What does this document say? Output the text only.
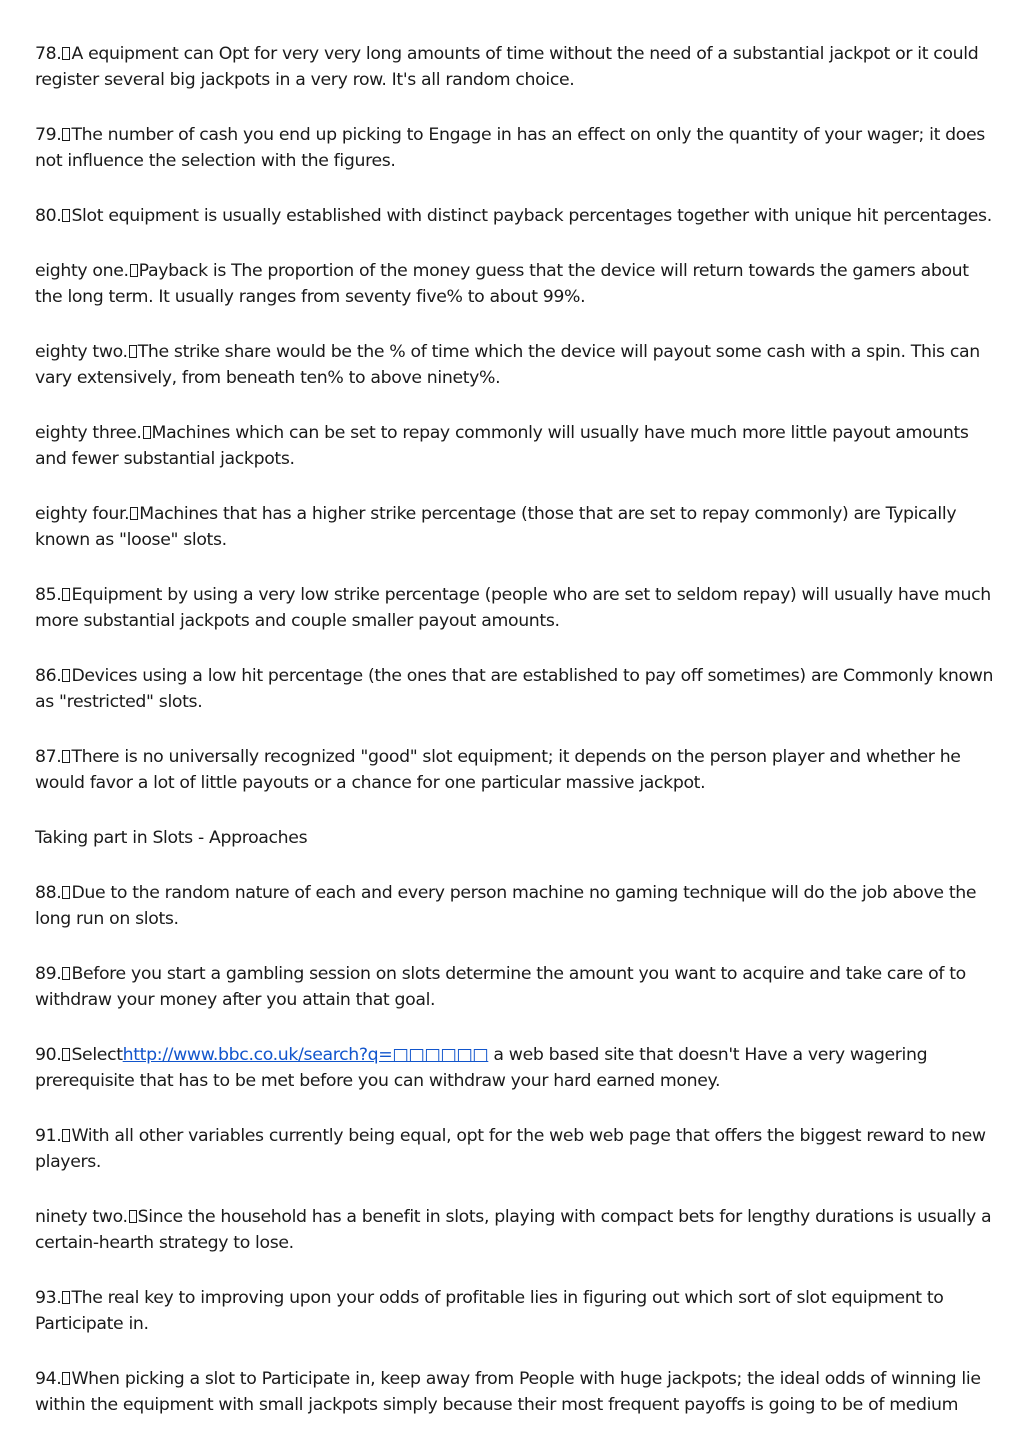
78. A equipment can Opt for very very long amounts of time without the need of a substantial jackpot or it could register several big jackpots in a very row. It's all random choice.

79. The number of cash you end up picking to Engage in has an effect on only the quantity of your wager; it does not influence the selection with the figures.

80. Slot equipment is usually established with distinct payback percentages together with unique hit percentages.

eighty one. Payback is The proportion of the money guess that the device will return towards the gamers about the long term. It usually ranges from seventy five% to about 99%.

eighty two. The strike share would be the % of time which the device will payout some cash with a spin. This can vary extensively, from beneath ten% to above ninety%.

eighty three. Machines which can be set to repay commonly will usually have much more little payout amounts and fewer substantial jackpots.

eighty four. Machines that has a higher strike percentage (those that are set to repay commonly) are Typically known as "loose" slots.

85. Equipment by using a very low strike percentage (people who are set to seldom repay) will usually have much more substantial jackpots and couple smaller payout amounts.

86. Devices using a low hit percentage (the ones that are established to pay off sometimes) are Commonly known as "restricted" slots.

87. There is no universally recognized "good" slot equipment; it depends on the person player and whether he would favor a lot of little payouts or a chance for one particular massive jackpot.

Taking part in Slots - Approaches

88. Due to the random nature of each and every person machine no gaming technique will do the job above the long run on slots.

89. Before you start a gambling session on slots determine the amount you want to acquire and take care of to withdraw your money after you attain that goal.

90. Selecthttp://www.bbc.co.uk/search?q=□□□□□□ a web based site that doesn't Have a very wagering prerequisite that has to be met before you can withdraw your hard earned money.

91. With all other variables currently being equal, opt for the web web page that offers the biggest reward to new players.

ninety two. Since the household has a benefit in slots, playing with compact bets for lengthy durations is usually a certain-hearth strategy to lose.

93. The real key to improving upon your odds of profitable lies in figuring out which sort of slot equipment to Participate in.

94. When picking a slot to Participate in, keep away from People with huge jackpots; the ideal odds of winning lie within the equipment with small jackpots simply because their most frequent payoffs is going to be of medium
